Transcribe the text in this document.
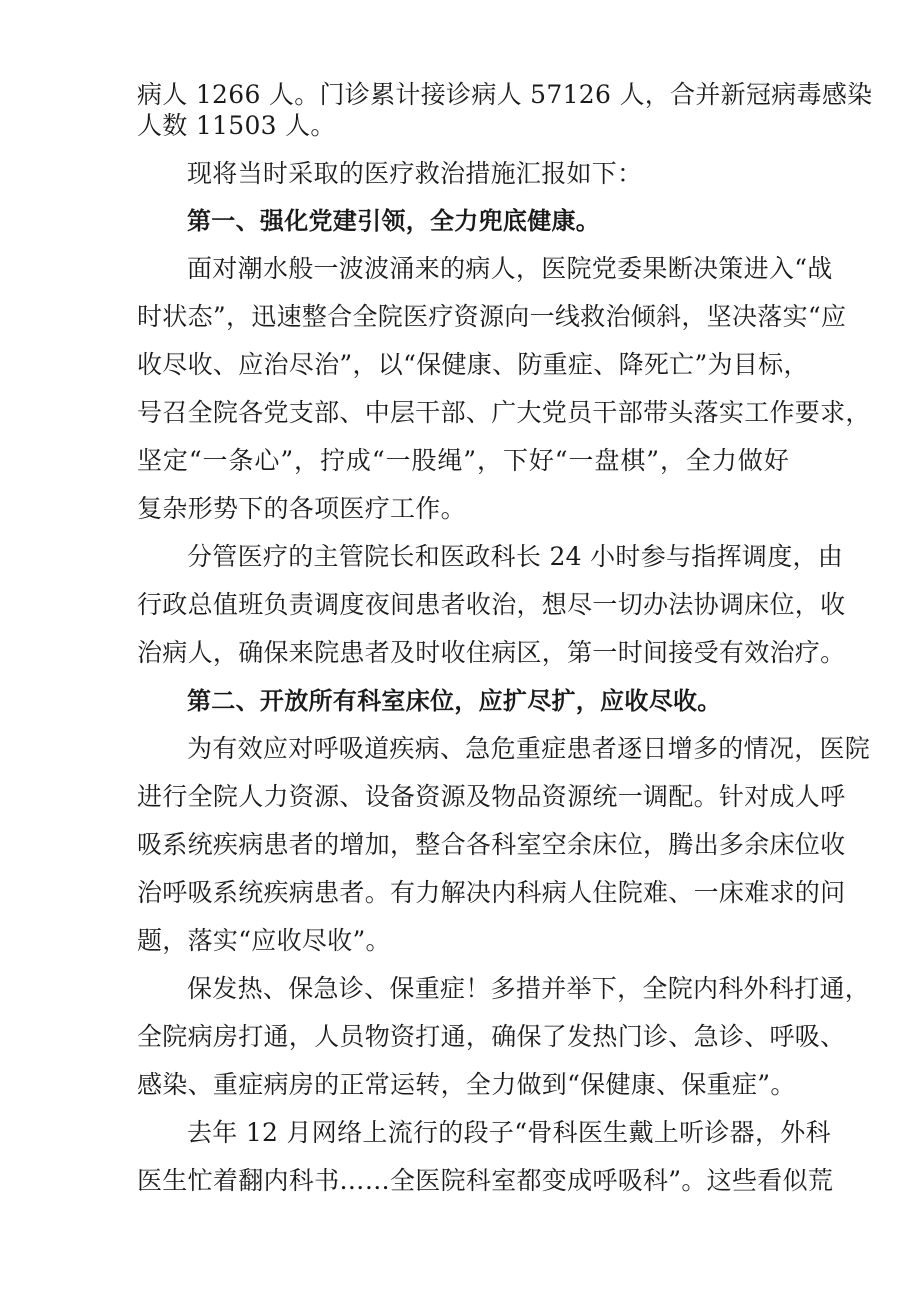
病人 1266 人。门诊累计接诊病人 57126 人，合并新冠病毒感染
人数 11503 人。
现将当时采取的医疗救治措施汇报如下：
第一、强化党建引领，全力兜底健康。
面对潮水般一波波涌来的病人，医院党委果断决策进入“战
时状态”，迅速整合全院医疗资源向一线救治倾斜，坚决落实“应
收尽收、应治尽治”，以“保健康、防重症、降死亡”为目标，
号召全院各党支部、中层干部、广大党员干部带头落实工作要求，
坚定“一条心”，拧成“一股绳”，下好“一盘棋”，全力做好
复杂形势下的各项医疗工作。
分管医疗的主管院长和医政科长 24 小时参与指挥调度，由
行政总值班负责调度夜间患者收治，想尽一切办法协调床位，收
治病人，确保来院患者及时收住病区，第一时间接受有效治疗。
第二、开放所有科室床位，应扩尽扩，应收尽收。
为有效应对呼吸道疾病、急危重症患者逐日增多的情况，医院
进行全院人力资源、设备资源及物品资源统一调配。针对成人呼
吸系统疾病患者的增加，整合各科室空余床位，腾出多余床位收
治呼吸系统疾病患者。有力解决内科病人住院难、一床难求的问
题，落实“应收尽收”。
保发热、保急诊、保重症！多措并举下，全院内科外科打通，
全院病房打通，人员物资打通，确保了发热门诊、急诊、呼吸、
感染、重症病房的正常运转，全力做到“保健康、保重症”。
去年 12 月网络上流行的段子“骨科医生戴上听诊器，外科
医生忙着翻内科书……全医院科室都变成呼吸科”。这些看似荒
